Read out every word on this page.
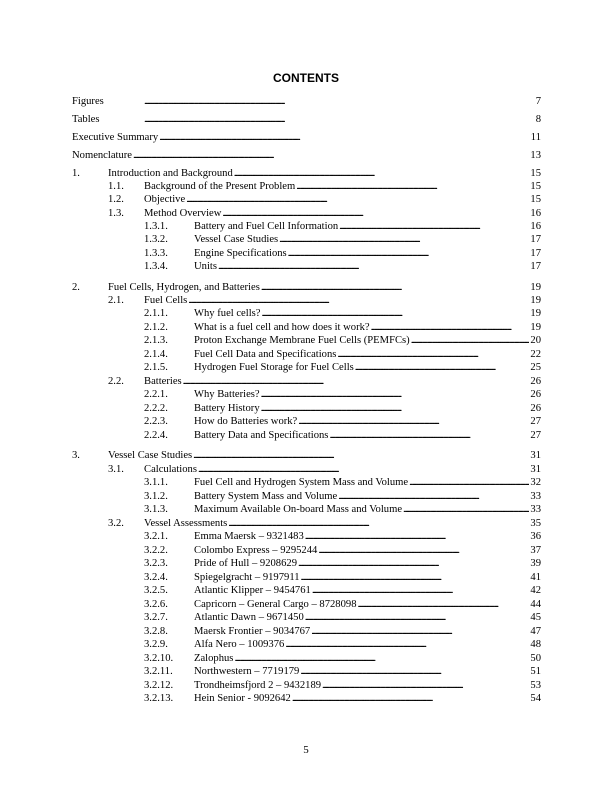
CONTENTS
Figures . . .	7
Tables . . .	8
Executive Summary . . .	11
Nomenclature . . .	13
1.	Introduction and Background . . .	15
1.1. Background of the Present Problem . . .	15
1.2. Objective . . .	15
1.3. Method Overview . . .	16
1.3.1. Battery and Fuel Cell Information . . .	16
1.3.2. Vessel Case Studies . . .	17
1.3.3. Engine Specifications . . .	17
1.3.4. Units . . .	17
2.	Fuel Cells, Hydrogen, and Batteries . . .	19
2.1. Fuel Cells . . .	19
2.1.1. Why fuel cells? . . .	19
2.1.2. What is a fuel cell and how does it work? . . .	19
2.1.3. Proton Exchange Membrane Fuel Cells (PEMFCs) . . .	20
2.1.4. Fuel Cell Data and Specifications . . .	22
2.1.5. Hydrogen Fuel Storage for Fuel Cells . . .	25
2.2. Batteries . . .	26
2.2.1. Why Batteries? . . .	26
2.2.2. Battery History . . .	26
2.2.3. How do Batteries work? . . .	27
2.2.4. Battery Data and Specifications . . .	27
3.	Vessel Case Studies . . .	31
3.1. Calculations . . .	31
3.1.1. Fuel Cell and Hydrogen System Mass and Volume . . .	32
3.1.2. Battery System Mass and Volume . . .	33
3.1.3. Maximum Available On-board Mass and Volume . . .	33
3.2. Vessel Assessments . . .	35
3.2.1. Emma Maersk – 9321483 . . .	36
3.2.2. Colombo Express – 9295244 . . .	37
3.2.3. Pride of Hull – 9208629 . . .	39
3.2.4. Spiegelgracht – 9197911 . . .	41
3.2.5. Atlantic Klipper – 9454761 . . .	42
3.2.6. Capricorn – General Cargo – 8728098 . . .	44
3.2.7. Atlantic Dawn – 9671450 . . .	45
3.2.8. Maersk Frontier – 9034767 . . .	47
3.2.9. Alfa Nero – 1009376 . . .	48
3.2.10. Zalophus . . .	50
3.2.11. Northwestern – 7719179 . . .	51
3.2.12. Trondheimsfjord 2 – 9432189 . . .	53
3.2.13. Hein Senior - 9092642 . . .	54
5
